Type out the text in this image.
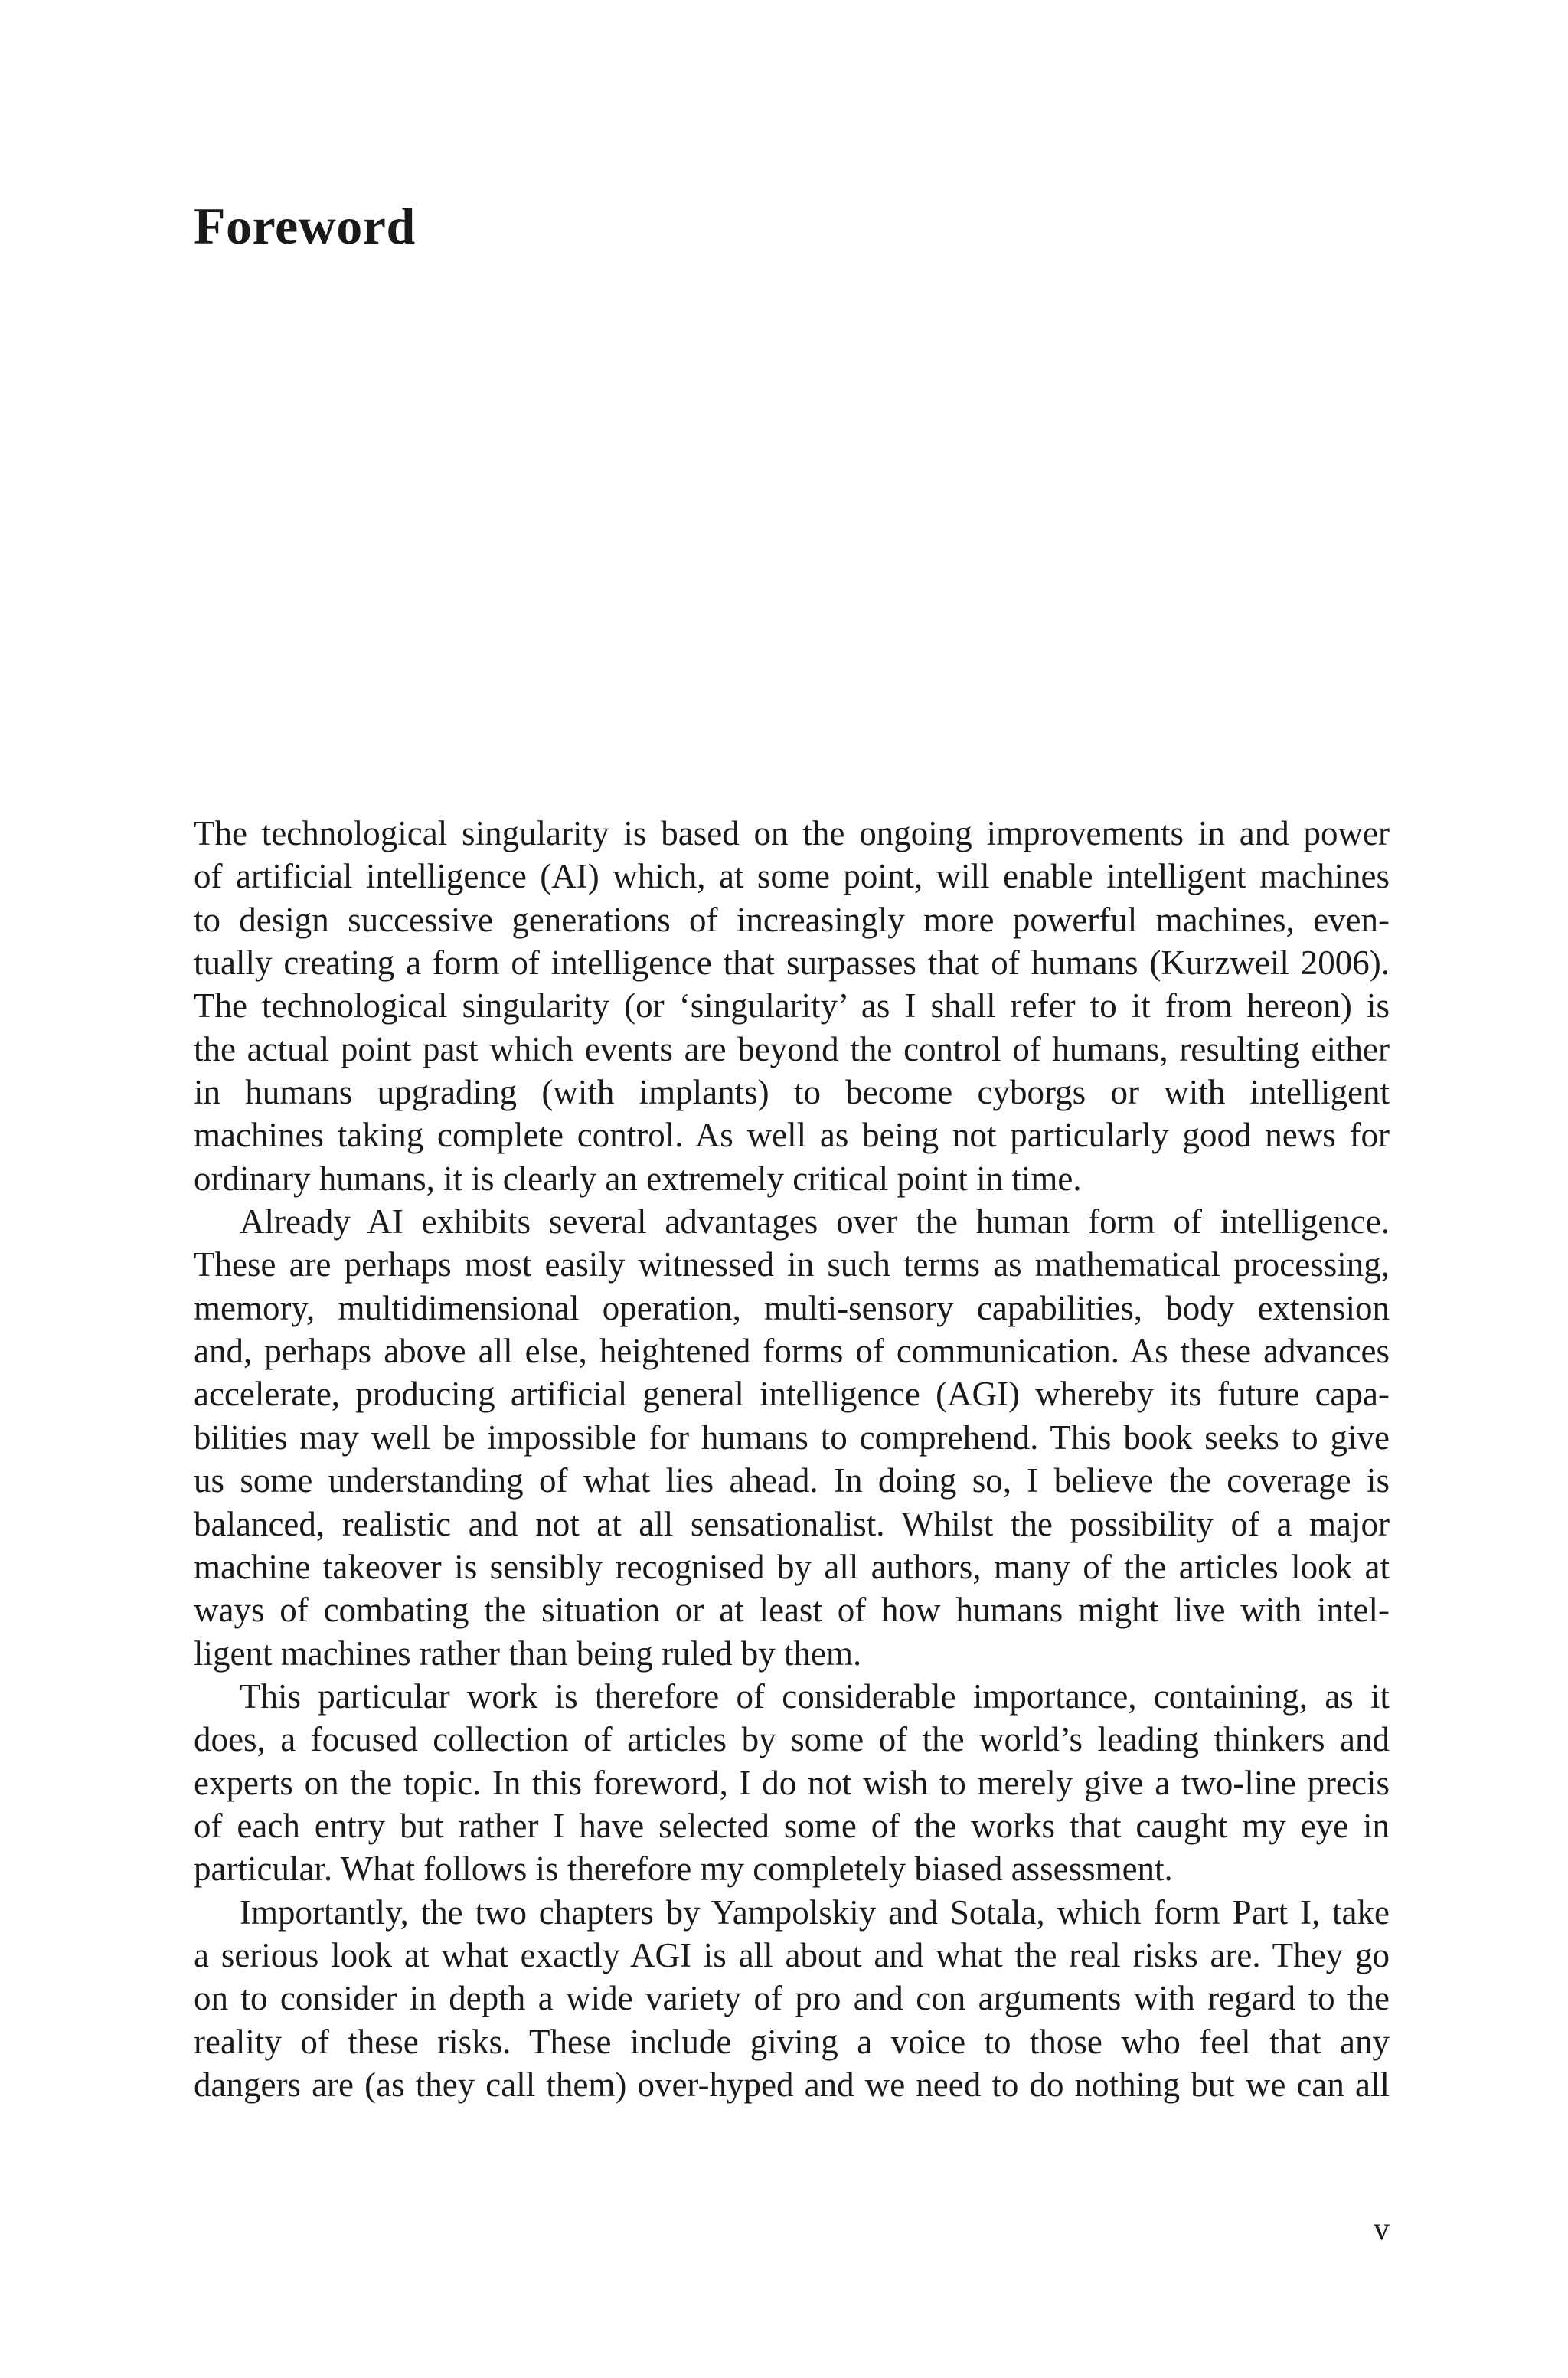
Foreword
The technological singularity is based on the ongoing improvements in and power
of artificial intelligence (AI) which, at some point, will enable intelligent machines
to design successive generations of increasingly more powerful machines, even-
tually creating a form of intelligence that surpasses that of humans (Kurzweil 2006).
The technological singularity (or ‘singularity’ as I shall refer to it from hereon) is
the actual point past which events are beyond the control of humans, resulting either
in humans upgrading (with implants) to become cyborgs or with intelligent
machines taking complete control. As well as being not particularly good news for
ordinary humans, it is clearly an extremely critical point in time.
Already AI exhibits several advantages over the human form of intelligence.
These are perhaps most easily witnessed in such terms as mathematical processing,
memory, multidimensional operation, multi-sensory capabilities, body extension
and, perhaps above all else, heightened forms of communication. As these advances
accelerate, producing artificial general intelligence (AGI) whereby its future capa-
bilities may well be impossible for humans to comprehend. This book seeks to give
us some understanding of what lies ahead. In doing so, I believe the coverage is
balanced, realistic and not at all sensationalist. Whilst the possibility of a major
machine takeover is sensibly recognised by all authors, many of the articles look at
ways of combating the situation or at least of how humans might live with intel-
ligent machines rather than being ruled by them.
This particular work is therefore of considerable importance, containing, as it
does, a focused collection of articles by some of the world’s leading thinkers and
experts on the topic. In this foreword, I do not wish to merely give a two-line precis
of each entry but rather I have selected some of the works that caught my eye in
particular. What follows is therefore my completely biased assessment.
Importantly, the two chapters by Yampolskiy and Sotala, which form Part I, take
a serious look at what exactly AGI is all about and what the real risks are. They go
on to consider in depth a wide variety of pro and con arguments with regard to the
reality of these risks. These include giving a voice to those who feel that any
dangers are (as they call them) over-hyped and we need to do nothing but we can all
v
